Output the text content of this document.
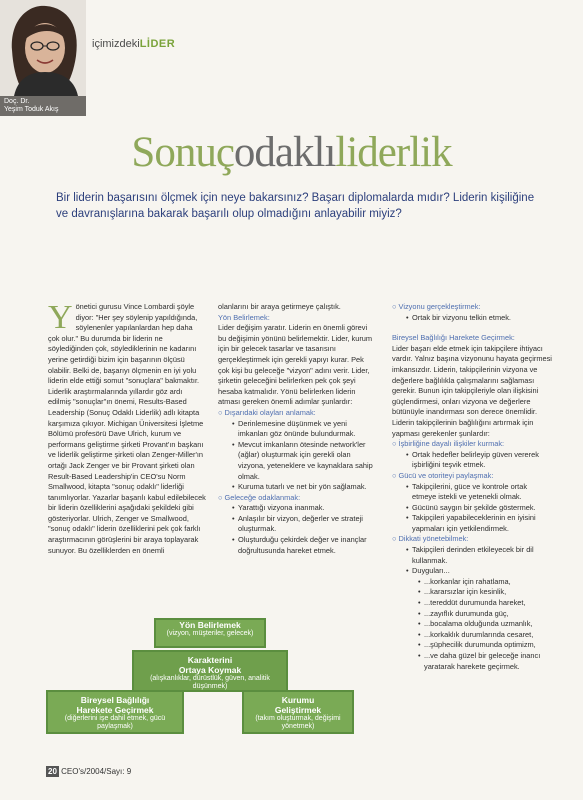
Doç. Dr.
Yeşim Toduk Akış
içimizdekiLİDER
Sonuçodaklıliderlik
Bir liderin başarısını ölçmek için neye bakarsınız? Başarı diplomalarda mıdır? Liderin kişiliğine ve davranışlarına bakarak başarılı olup olmadığını anlayabilir miyiz?

Yönetici gurusu Vince Lombardi şöyle diyor: "Her şey söylenip yapıldığında, söylenenler yapılanlardan hep daha çok olur." Bu durumda bir liderin ne söylediğinden çok, söylediklerinin ne kadarını yerine getirdiği bizim için başarının ölçüsü olabilir. Belki de, başarıyı ölçmenin en iyi yolu liderin elde ettiği somut "sonuçlara" bakmaktır. Liderlik araştırmalarında yıllardır göz ardı edilmiş "sonuçlar"ın önemi, Results-Based Leadership (Sonuç Odaklı Liderlik) adlı kitapta karşımıza çıkıyor. Michigan Üniversitesi İşletme Bölümü profesörü Dave Ulrich, kurum ve performans geliştirme şirketi Provant'ın başkanı ve liderlik geliştirme şirketi olan Zenger-Miller'ın ortağı Jack Zenger ve bir Provant şirketi olan Result-Based Leadership'in CEO'su Norm Smallwood, kitapta "sonuç odaklı" liderliği tanımlıyorlar. Yazarlar başarılı kabul edilebilecek bir liderin özelliklerini aşağıdaki şekildeki gibi gösteriyorlar. Ulrich, Zenger ve Smallwood, "sonuç odaklı" liderin özelliklerini pek çok farklı araştırmacının görüşlerini bir araya toplayarak sunuyor. Bu özelliklerden en önemli

olanlarını bir araya getirmeye çalıştık.

Yön Belirlemek:

Lider değişim yaratır. Liderin en önemli görevi bu değişimin yönünü belirlemektir. Lider, kurum için bir gelecek tasarlar ve tasarısını gerçekleştirmek için gerekli yapıyı kurar. Pek çok kişi bu geleceğe "vizyon" adını verir. Lider, şirketin geleceğini belirlerken pek çok şeyi hesaba katmalıdır. Yönü belirlerken liderin atması gereken önemli adımlar şunlardır:

○ Dışarıdaki olayları anlamak:

• Derinlemesine düşünmek ve yeni imkanları göz önünde bulundurmak.
• Mevcut imkanların ötesinde network'ler (ağlar) oluşturmak için gerekli olan vizyona, yeteneklere ve kaynaklara sahip olmak.
• Kuruma tutarlı ve net bir yön sağlamak.

○ Geleceğe odaklanmak:

• Yarattığı vizyona inanmak.
• Anlaşılır bir vizyon, değerler ve strateji oluşturmak.
• Oluşturduğu çekirdek değer ve inançlar doğrultusunda hareket etmek.

○ Vizyonu gerçekleştirmek:

• Ortak bir vizyonu telkin etmek.

Bireysel Bağlılığı Harekete Geçirmek:

Lider başarı elde etmek için takipçilere ihtiyacı vardır. Yalnız başına vizyonunu hayata geçirmesi imkansızdır. Liderin, takipçilerinin vizyona ve değerlere bağlılıkla çalışmalarını sağlaması gerekir. Bunun için takipçileriyle olan ilişkisini güçlendirmesi, onları vizyona ve değerlere bütünüyle inandırması son derece önemlidir. Liderin takipçilerinin bağlılığını artırmak için yapması gerekenler şunlardır:

○ İşbirliğine dayalı ilişkiler kurmak:

• Ortak hedefler belirleyip güven vererek işbirliğini teşvik etmek.

○ Gücü ve otoriteyi paylaşmak:

• Takipçilerini, güce ve kontrole ortak etmeye istekli ve yetenekli olmak.
• Gücünü saygın bir şekilde göstermek.
• Takipçileri yapabileceklerinin en iyisini yapmaları için yetkilendirmek.

○ Dikkati yönetebilmek:

• Takipçileri derinden etkileyecek bir dil kullanmak.
• Duyguları...
• ...korkanlar için rahatlama,
• ...kararsızlar için kesinlik,
• ...tereddüt durumunda hareket,
• ...zayıflık durumunda güç,
• ...bocalama olduğunda uzmanlık,
• ...korkaklık durumlarında cesaret,
• ...şüphecilik durumunda optimizm,
• ...ve daha güzel bir geleceğe inancı yaratarak harekete geçirmek.
Yön Belirlemek
(vizyon, müşteriler, gelecek)
Karakterini
Ortaya Koymak
(alışkanlıklar, dürüstlük, güven, analitik düşünmek)
Bireysel Bağlılığı
Harekete Geçirmek
(diğerlerini işe dahil etmek, gücü paylaşmak)
Kurumu
Geliştirmek
(takım oluşturmak, değişimi yönetmek)
20 CEO's/2004/Sayı: 9
